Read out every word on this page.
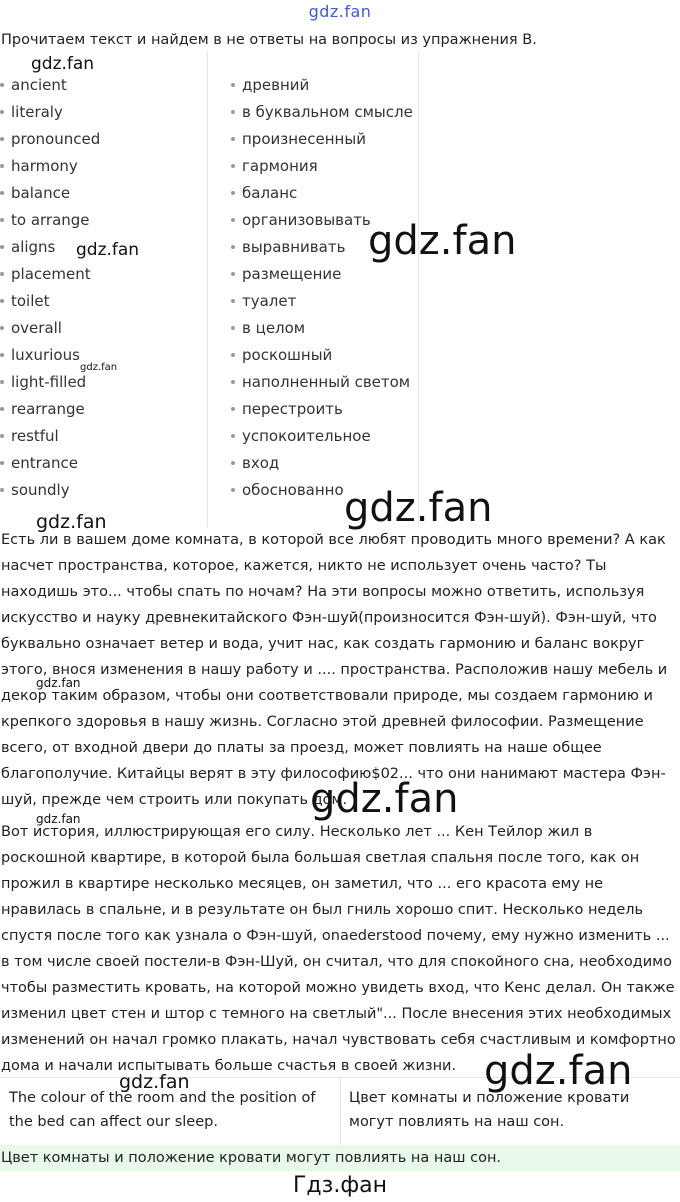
gdz.fan
Прочитаем текст и найдем в не ответы на вопросы из упражнения B.
ancient
literaly
pronounced
harmony
balance
to arrange
aligns
placement
toilet
overall
luxurious
light-filled
rearrange
restful
entrance
soundly
древний
в буквальном смысле
произнесенный
гармония
баланс
организовывать
выравнивать
размещение
туалет
в целом
роскошный
наполненный светом
перестроить
успокоительное
вход
обоснованно

Есть ли в вашем доме комната, в которой все любят проводить много времени? А как насчет пространства, которое, кажется, никто не использует очень часто? Ты находишь это... чтобы спать по ночам? На эти вопросы можно ответить, используя искусство и науку древнекитайского Фэн-шуй(произносится Фэн-шуй). Фэн-шуй, что буквально означает ветер и вода, учит нас, как создать гармонию и баланс вокруг этого, внося изменения в нашу работу и .... пространства. Расположив нашу мебель и декор таким образом, чтобы они соответствовали природе, мы создаем гармонию и крепкого здоровья в нашу жизнь. Согласно этой древней философии. Размещение всего, от входной двери до платы за проезд, может повлиять на наше общее благополучие. Китайцы верят в эту философию$02... что они нанимают мастера Фэн-шуй, прежде чем строить или покупать дом.

Вот история, иллюстрирующая его силу. Несколько лет ... Кен Тейлор жил в роскошной квартире, в которой была большая светлая спальня после того, как он прожил в квартире несколько месяцев, он заметил, что ... его красота ему не нравилась в спальне, и в результате он был гниль хорошо спит. Несколько недель спустя после того как узнала о Фэн-шуй, onaederstood почему, ему нужно изменить ... в том числе своей постели-в Фэн-Шуй, он считал, что для спокойного сна, необходимо чтобы разместить кровать, на которой можно увидеть вход, что Кенс делал. Он также изменил цвет стен и штор с темного на светлый"... После внесения этих необходимых изменений он начал громко плакать, начал чувствовать себя счастливым и комфортно дома и начали испытывать больше счастья в своей жизни.

The colour of the room and the position of the bed can affect our sleep.
Цвет комнаты и положение кровати могут повлиять на наш сон.
Цвет комнаты и положение кровати могут повлиять на наш сон.
Гдз.фан
gdz.fan
gdz.fan	gdz.fan
gdz.fan
gdz.fan
gdz.fan
gdz.fan
gdz.fan
gdz.fan
gdz.fan
gdz.fan
